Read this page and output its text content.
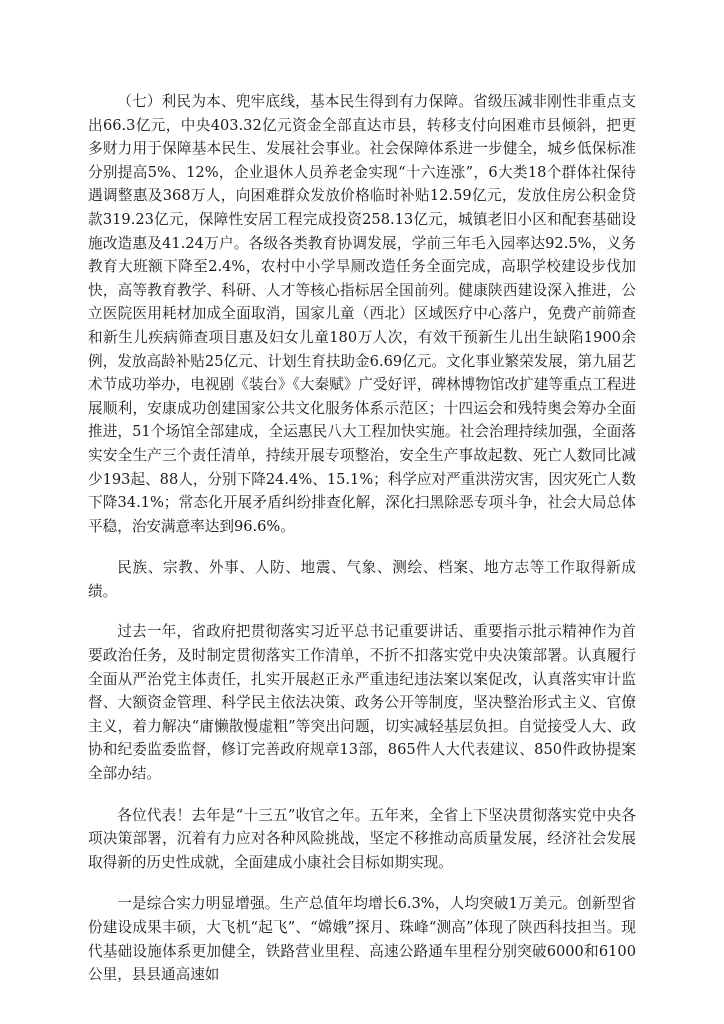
（七）利民为本、兜牢底线，基本民生得到有力保障。省级压减非刚性非重点支出66.3亿元，中央403.32亿元资金全部直达市县，转移支付向困难市县倾斜，把更多财力用于保障基本民生、发展社会事业。社会保障体系进一步健全，城乡低保标准分别提高5%、12%，企业退休人员养老金实现“十六连涨”，6大类18个群体社保待遇调整惠及368万人，向困难群众发放价格临时补贴12.59亿元，发放住房公积金贷款319.23亿元，保障性安居工程完成投资258.13亿元，城镇老旧小区和配套基础设施改造惠及41.24万户。各级各类教育协调发展，学前三年毛入园率达92.5%，义务教育大班额下降至2.4%，农村中小学旱厕改造任务全面完成，高职学校建设步伐加快，高等教育教学、科研、人才等核心指标居全国前列。健康陕西建设深入推进，公立医院医用耗材加成全面取消，国家儿童（西北）区域医疗中心落户，免费产前筛查和新生儿疾病筛查项目惠及妇女儿童180万人次，有效干预新生儿出生缺陷1900余例，发放高龄补贴25亿元、计划生育扶助金6.69亿元。文化事业繁荣发展，第九届艺术节成功举办，电视剧《装台》《大秦赋》广受好评，碑林博物馆改扩建等重点工程进展顺利，安康成功创建国家公共文化服务体系示范区；十四运会和残特奥会筹办全面推进，51个场馆全部建成，全运惠民八大工程加快实施。社会治理持续加强，全面落实安全生产三个责任清单，持续开展专项整治，安全生产事故起数、死亡人数同比减少193起、88人，分别下降24.4%、15.1%；科学应对严重洪涝灾害，因灾死亡人数下降34.1%；常态化开展矛盾纠纷排查化解，深化扫黑除恶专项斗争，社会大局总体平稳，治安满意率达到96.6%。

民族、宗教、外事、人防、地震、气象、测绘、档案、地方志等工作取得新成绩。

过去一年，省政府把贯彻落实习近平总书记重要讲话、重要指示批示精神作为首要政治任务，及时制定贯彻落实工作清单，不折不扣落实党中央决策部署。认真履行全面从严治党主体责任，扎实开展赵正永严重违纪违法案以案促改，认真落实审计监督、大额资金管理、科学民主依法决策、政务公开等制度，坚决整治形式主义、官僚主义，着力解决“庸懒散慢虚粗”等突出问题，切实减轻基层负担。自觉接受人大、政协和纪委监委监督，修订完善政府规章13部，865件人大代表建议、850件政协提案全部办结。

各位代表！去年是“十三五”收官之年。五年来，全省上下坚决贯彻落实党中央各项决策部署，沉着有力应对各种风险挑战，坚定不移推动高质量发展，经济社会发展取得新的历史性成就，全面建成小康社会目标如期实现。

一是综合实力明显增强。生产总值年均增长6.3%，人均突破1万美元。创新型省份建设成果丰硕，大飞机“起飞”、“嫦娥”探月、珠峰“测高”体现了陕西科技担当。现代基础设施体系更加健全，铁路营业里程、高速公路通车里程分别突破6000和6100公里，县县通高速如
